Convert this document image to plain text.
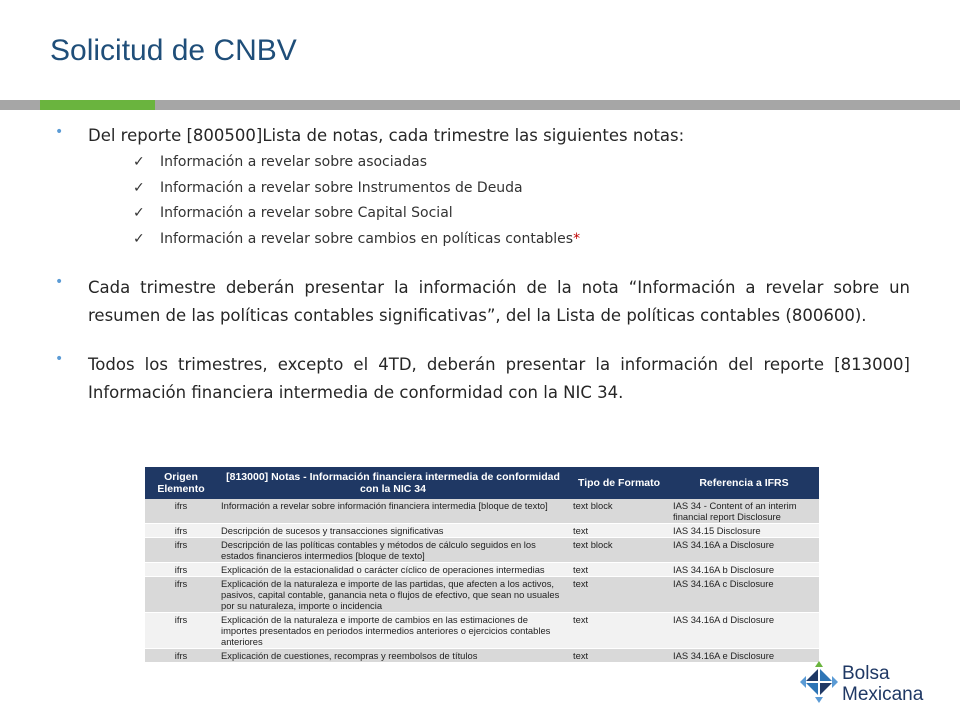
Solicitud de CNBV
• Del reporte [800500]Lista de notas, cada trimestre las siguientes notas:
✓ Información a revelar sobre asociadas
✓ Información a revelar sobre Instrumentos de Deuda
✓ Información a revelar sobre Capital Social
✓ Información a revelar sobre cambios en políticas contables*
• Cada trimestre deberán presentar la información de la nota “Información a revelar sobre un resumen de las políticas contables significativas”, del la Lista de políticas contables (800600).
• Todos los trimestres, excepto el 4TD, deberán presentar la información del reporte [813000] Información financiera intermedia de conformidad con la NIC 34.
Origen Elemento	[813000] Notas - Información financiera intermedia de conformidad con la NIC 34	Tipo de Formato	Referencia a IFRS
ifrs	Información a revelar sobre información financiera intermedia [bloque de texto]	text block	IAS 34 - Content of an interim financial report Disclosure
ifrs	Descripción de sucesos y transacciones significativas	text	IAS 34.15 Disclosure
ifrs	Descripción de las políticas contables y métodos de cálculo seguidos en los estados financieros intermedios [bloque de texto]	text block	IAS 34.16A a Disclosure
ifrs	Explicación de la estacionalidad o carácter cíclico de operaciones intermedias	text	IAS 34.16A b Disclosure
ifrs	Explicación de la naturaleza e importe de las partidas, que afecten a los activos, pasivos, capital contable, ganancia neta o flujos de efectivo, que sean no usuales por su naturaleza, importe o incidencia	text	IAS 34.16A c Disclosure
ifrs	Explicación de la naturaleza e importe de cambios en las estimaciones de importes presentados en periodos intermedios anteriores o ejercicios contables anteriores	text	IAS 34.16A d Disclosure
ifrs	Explicación de cuestiones, recompras y reembolsos de títulos	text	IAS 34.16A e Disclosure
Bolsa
Mexicana
